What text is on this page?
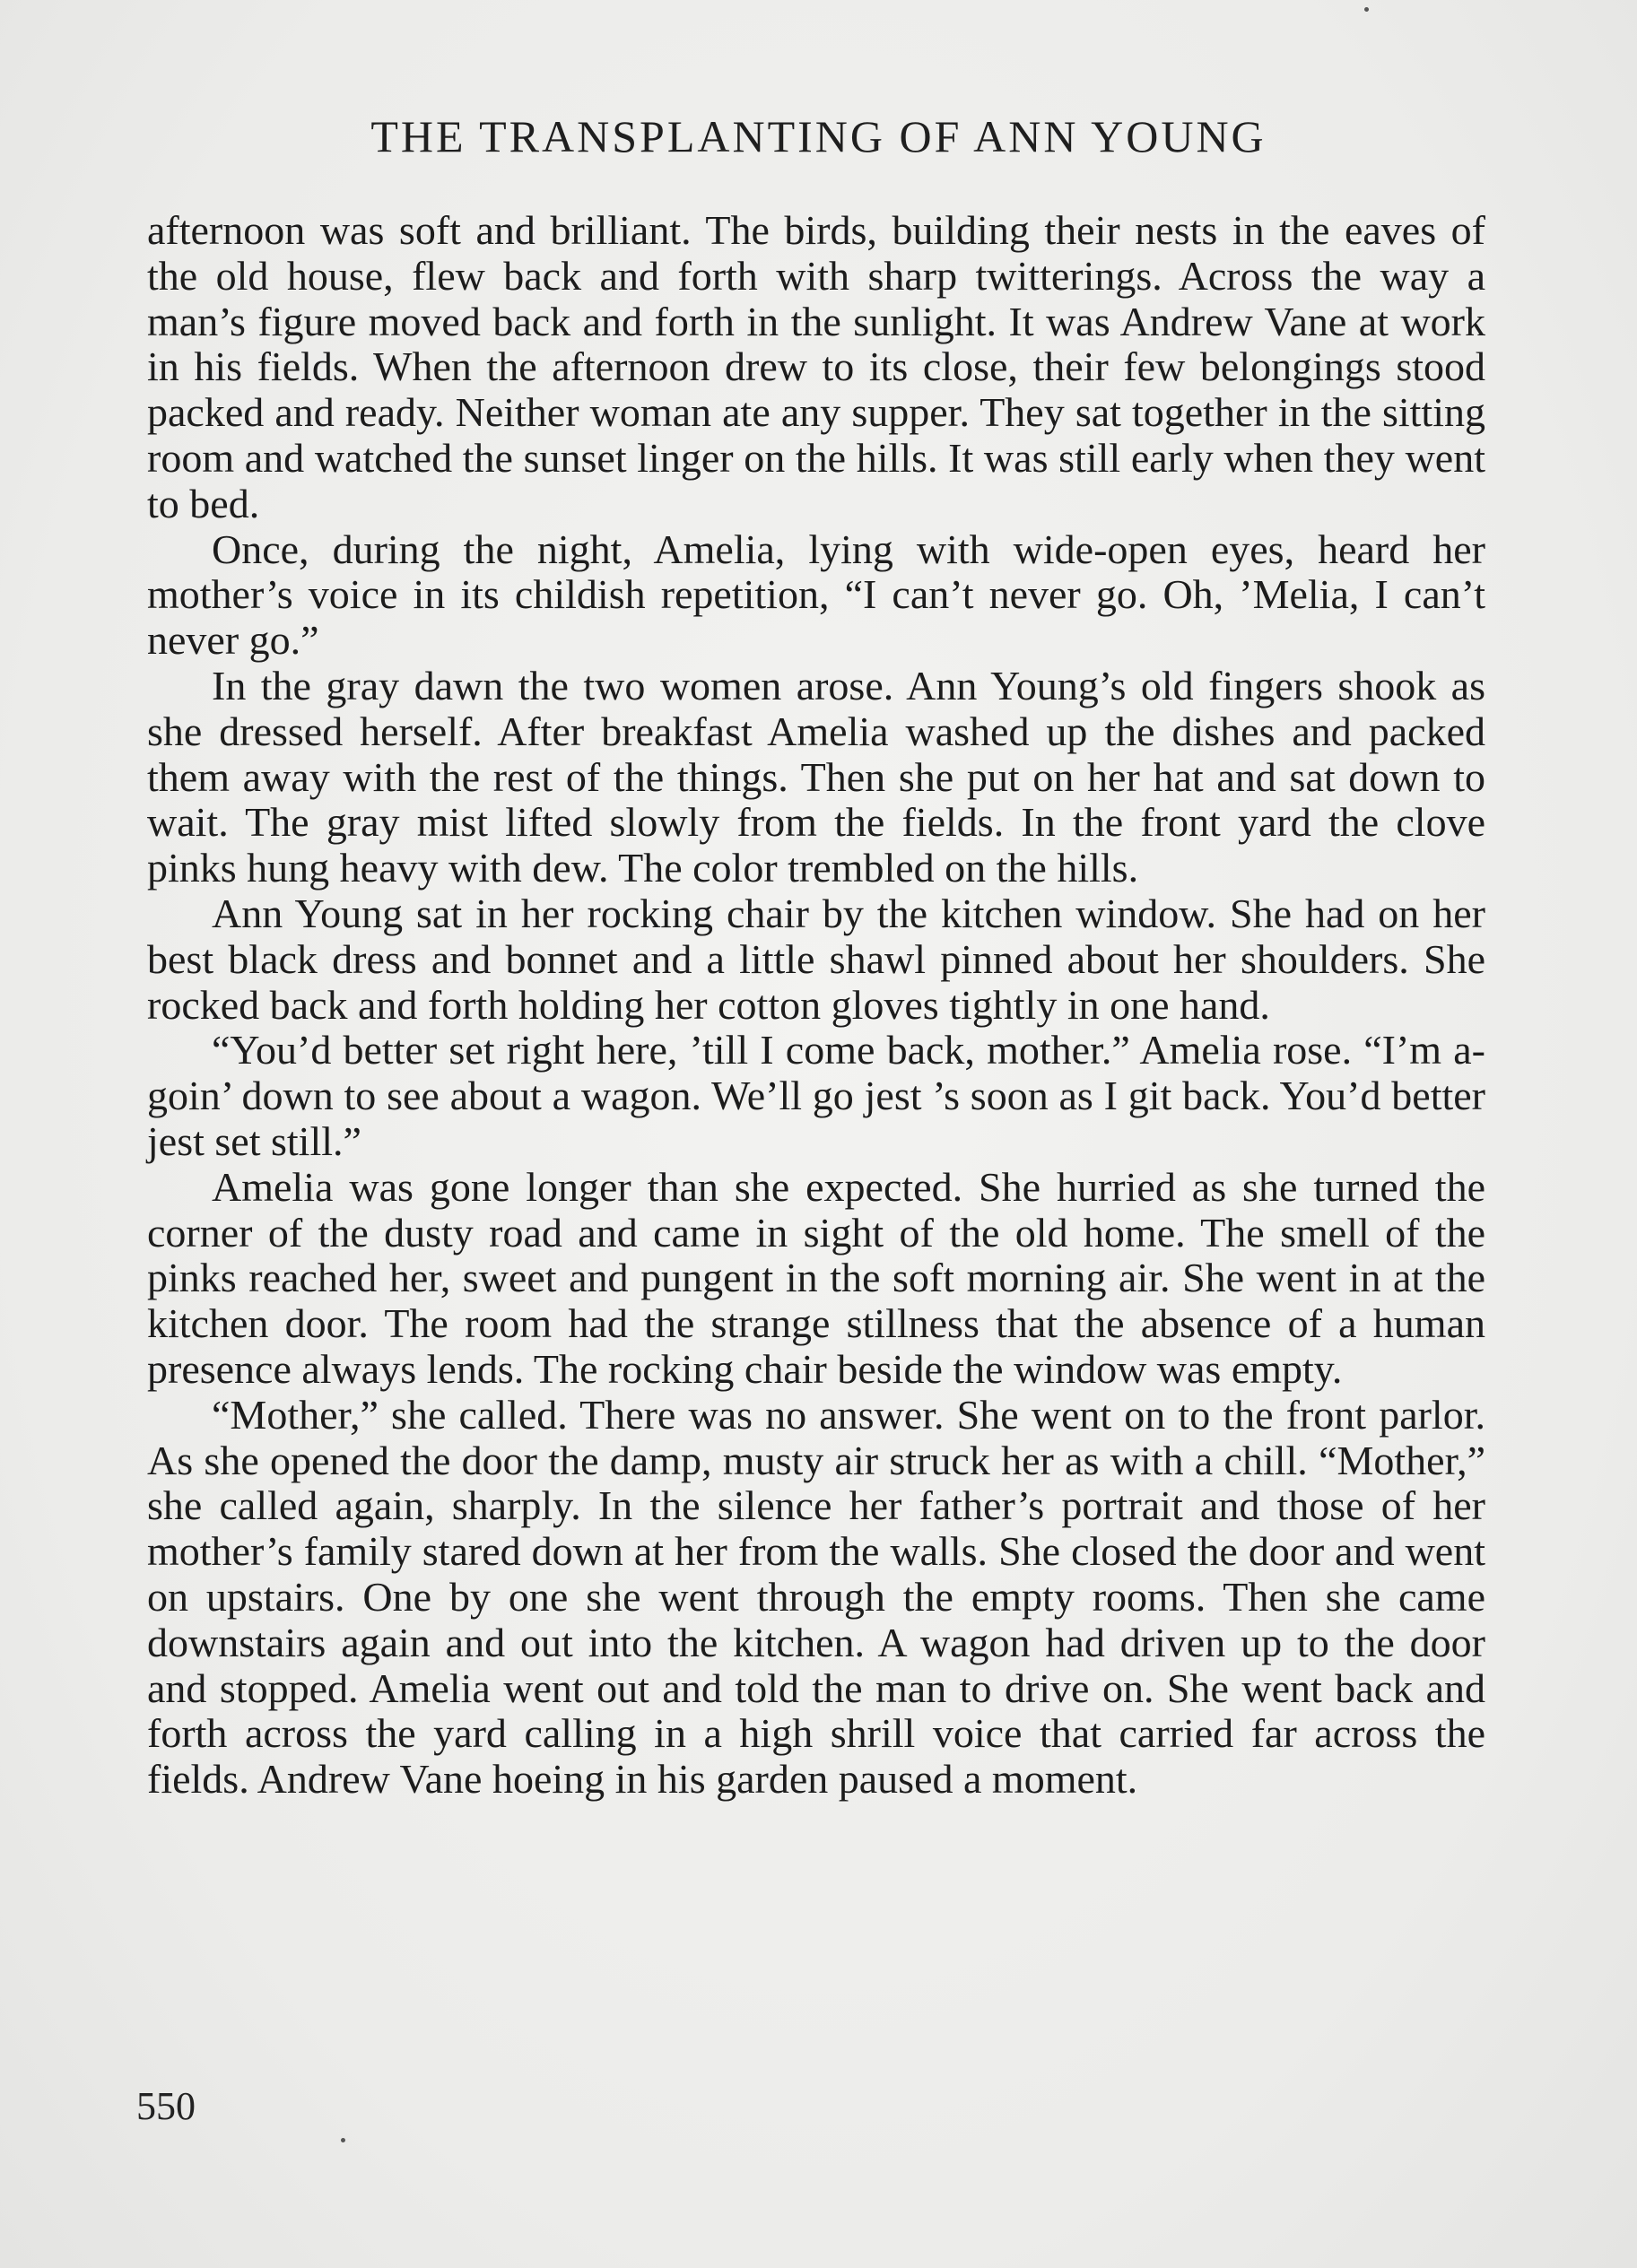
THE TRANSPLANTING OF ANN YOUNG

afternoon was soft and brilliant. The birds, building their nests in the eaves of the old house, flew back and forth with sharp twitterings. Across the way a man’s figure moved back and forth in the sunlight. It was Andrew Vane at work in his fields. When the afternoon drew to its close, their few belongings stood packed and ready. Neither woman ate any supper. They sat together in the sitting room and watched the sunset linger on the hills. It was still early when they went to bed.

Once, during the night, Amelia, lying with wide-open eyes, heard her mother’s voice in its childish repetition, “I can’t never go. Oh, ’Melia, I can’t never go.”

In the gray dawn the two women arose. Ann Young’s old fingers shook as she dressed herself. After breakfast Amelia washed up the dishes and packed them away with the rest of the things. Then she put on her hat and sat down to wait. The gray mist lifted slowly from the fields. In the front yard the clove pinks hung heavy with dew. The color trembled on the hills.

Ann Young sat in her rocking chair by the kitchen window. She had on her best black dress and bonnet and a little shawl pinned about her shoulders. She rocked back and forth holding her cotton gloves tightly in one hand.

“You’d better set right here, ’till I come back, mother.” Amelia rose. “I’m a-goin’ down to see about a wagon. We’ll go jest ’s soon as I git back. You’d better jest set still.”

Amelia was gone longer than she expected. She hurried as she turned the corner of the dusty road and came in sight of the old home. The smell of the pinks reached her, sweet and pungent in the soft morning air. She went in at the kitchen door. The room had the strange stillness that the absence of a human presence always lends. The rocking chair beside the window was empty.

“Mother,” she called. There was no answer. She went on to the front parlor. As she opened the door the damp, musty air struck her as with a chill. “Mother,” she called again, sharply. In the silence her father’s portrait and those of her mother’s family stared down at her from the walls. She closed the door and went on upstairs. One by one she went through the empty rooms. Then she came downstairs again and out into the kitchen. A wagon had driven up to the door and stopped. Amelia went out and told the man to drive on. She went back and forth across the yard calling in a high shrill voice that carried far across the fields. Andrew Vane hoeing in his garden paused a moment.

550
